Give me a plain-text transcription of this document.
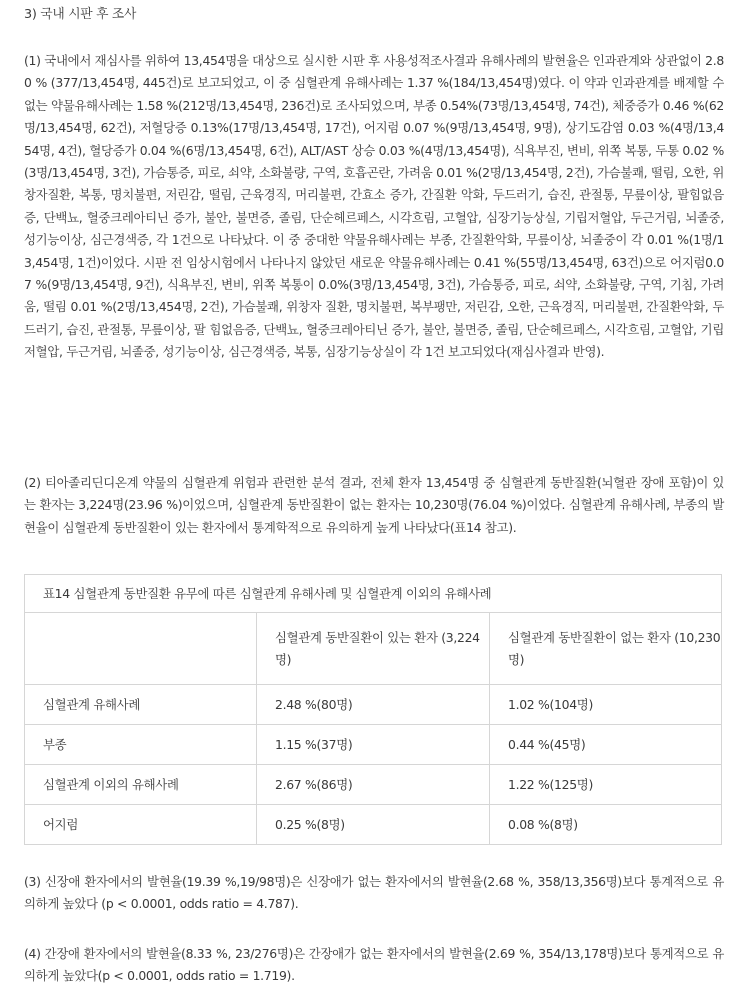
3) 국내 시판 후 조사

(1) 국내에서 재심사를 위하여 13,454명을 대상으로 실시한 시판 후 사용성적조사결과 유해사례의 발현율은 인과관계와 상관없이 2.80 % (377/13,454명, 445건)로 보고되었고, 이 중 심혈관계 유해사례는 1.37 %(184/13,454명)였다. 이 약과 인과관계를 배제할 수 없는 약물유해사례는 1.58 %(212명/13,454명, 236건)로 조사되었으며, 부종 0.54%(73명/13,454명, 74건), 체중증가 0.46 %(62명/13,454명, 62건), 저혈당증 0.13%(17명/13,454명, 17건), 어지럼 0.07 %(9명/13,454명, 9명), 상기도감염 0.03 %(4명/13,454명, 4건), 혈당증가 0.04 %(6명/13,454명, 6건), ALT/AST 상승 0.03 %(4명/13,454명), 식욕부진, 변비, 위쪽 복통, 두통 0.02 %(3명/13,454명, 3건), 가슴통증, 피로, 쇠약, 소화불량, 구역, 호흡곤란, 가려움 0.01 %(2명/13,454명, 2건), 가슴불쾌, 떨림, 오한, 위창자질환, 복통, 명치불편, 저린감, 떨림, 근육경직, 머리불편, 간효소 증가, 간질환 악화, 두드러기, 습진, 관절통, 무릎이상, 팔힘없음증, 단백뇨, 혈중크레아티닌 증가, 불안, 불면증, 졸림, 단순헤르페스, 시각흐림, 고혈압, 심장기능상실, 기립저혈압, 두근거림, 뇌졸중, 성기능이상, 심근경색증, 각 1건으로 나타났다. 이 중 중대한 약물유해사례는 부종, 간질환악화, 무릎이상, 뇌졸중이 각 0.01 %(1명/13,454명, 1건)이었다. 시판 전 임상시험에서 나타나지 않았던 새로운 약물유해사례는 0.41 %(55명/13,454명, 63건)으로 어지럼0.07 %(9명/13,454명, 9건), 식욕부진, 변비, 위쪽 복통이 0.0%(3명/13,454명, 3건), 가슴통증, 피로, 쇠약, 소화불량, 구역, 기침, 가려움, 떨림 0.01 %(2명/13,454명, 2건), 가슴불쾌, 위창자 질환, 명치불편, 복부팽만, 저린감, 오한, 근육경직, 머리불편, 간질환악화, 두드러기, 습진, 관절통, 무릎이상, 팔 힘없음증, 단백뇨, 혈중크레아티닌 증가, 불안, 불면증, 졸림, 단순헤르페스, 시각흐림, 고혈압, 기립저혈압, 두근거림, 뇌졸중, 성기능이상, 심근경색증, 복통, 심장기능상실이 각 1건 보고되었다(재심사결과 반영).

(2) 티아졸리딘디온계 약물의 심혈관계 위험과 관련한 분석 결과, 전체 환자 13,454명 중 심혈관계 동반질환(뇌혈관 장애 포함)이 있는 환자는 3,224명(23.96 %)이었으며, 심혈관계 동반질환이 없는 환자는 10,230명(76.04 %)이었다. 심혈관계 유해사례, 부종의 발현율이 심혈관계 동반질환이 있는 환자에서 통계학적으로 유의하게 높게 나타났다(표14 참고).

표14 심혈관계 동반질환 유무에 따른 심혈관계 유해사례 및 심혈관계 이외의 유해사례		
	심혈관계 동반질환이 있는 환자 (3,224명)	심혈관계 동반질환이 없는 환자 (10,230명)
심혈관계 유해사례	2.48 %(80명)	1.02 %(104명)
부종	1.15 %(37명)	0.44 %(45명)
심혈관계 이외의 유해사례	2.67 %(86명)	1.22 %(125명)
어지럼	0.25 %(8명)	0.08 %(8명)

(3) 신장애 환자에서의 발현율(19.39 %,19/98명)은 신장애가 없는 환자에서의 발현율(2.68 %, 358/13,356명)보다 통계적으로 유의하게 높았다 (p < 0.0001, odds ratio = 4.787).

(4) 간장애 환자에서의 발현율(8.33 %, 23/276명)은 간장애가 없는 환자에서의 발현율(2.69 %, 354/13,178명)보다 통계적으로 유의하게 높았다(p < 0.0001, odds ratio = 1.719).
